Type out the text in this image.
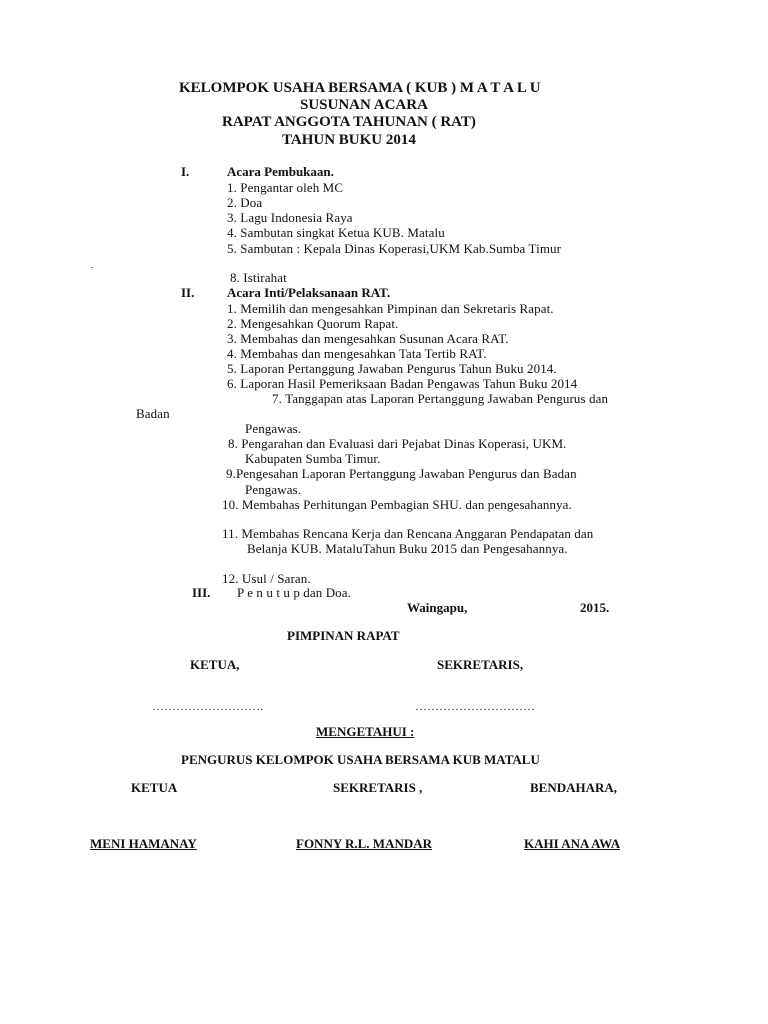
KELOMPOK USAHA BERSAMA ( KUB ) M A T A L U
SUSUNAN ACARA
RAPAT ANGGOTA TAHUNAN ( RAT)
TAHUN BUKU 2014
I.	Acara Pembukaan.
1. Pengantar oleh MC
2. Doa
3. Lagu Indonesia Raya
4. Sambutan singkat Ketua KUB. Matalu
5. Sambutan : Kepala Dinas Koperasi,UKM Kab.Sumba Timur
8. Istirahat
II.	Acara Inti/Pelaksanaan RAT.
1. Memilih dan mengesahkan Pimpinan dan Sekretaris Rapat.
2. Mengesahkan Quorum Rapat.
3. Membahas dan mengesahkan Susunan Acara RAT.
4. Membahas dan mengesahkan Tata Tertib RAT.
5. Laporan Pertanggung Jawaban Pengurus Tahun Buku 2014.
6. Laporan Hasil Pemeriksaan Badan Pengawas Tahun Buku 2014
7. Tanggapan atas Laporan Pertanggung Jawaban Pengurus dan
Badan
Pengawas.
8. Pengarahan dan Evaluasi dari Pejabat Dinas Koperasi, UKM.
Kabupaten Sumba Timur.
9.Pengesahan Laporan Pertanggung Jawaban Pengurus dan Badan
Pengawas.
10. Membahas Perhitungan Pembagian SHU. dan pengesahannya.
11. Membahas Rencana Kerja dan Rencana Anggaran Pendapatan dan
Belanja KUB. MataluTahun Buku 2015 dan Pengesahannya.
12. Usul / Saran.
III. P e n u t u p dan Doa.
Waingapu,	2015.
PIMPINAN RAPAT
KETUA,	SEKRETARIS,
……………………….	…………………………
MENGETAHUI :
PENGURUS KELOMPOK USAHA BERSAMA KUB MATALU
KETUA	SEKRETARIS ,	BENDAHARA,
MENI HAMANAY	FONNY R.L. MANDAR	KAHI ANA AWA
